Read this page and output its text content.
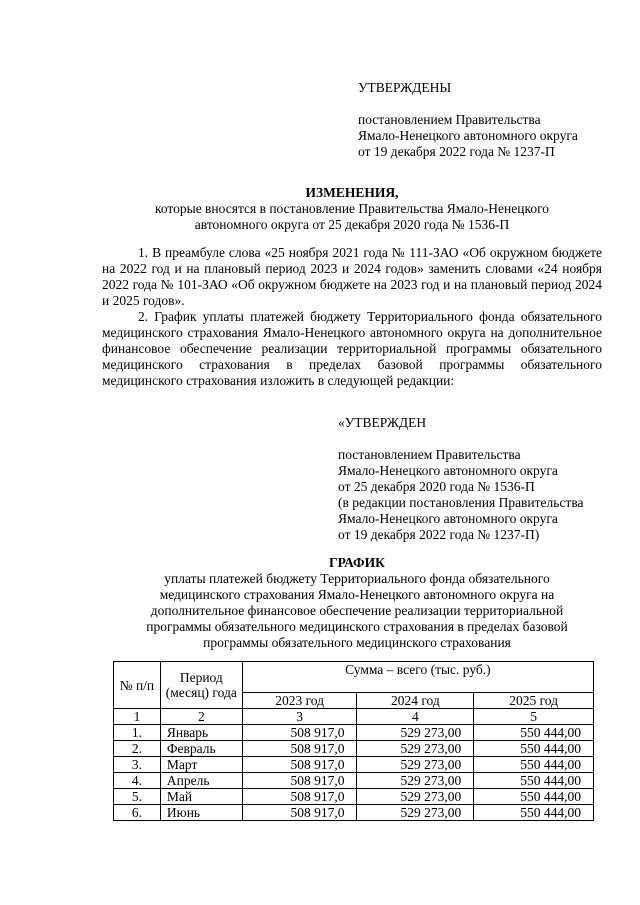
УТВЕРЖДЕНЫ
постановлением Правительства
Ямало-Ненецкого автономного округа
от 19 декабря 2022 года № 1237-П
ИЗМЕНЕНИЯ,
которые вносятся в постановление Правительства Ямало-Ненецкого
автономного округа от 25 декабря 2020 года № 1536-П

1. В преамбуле слова «25 ноября 2021 года № 111-ЗАО «Об окружном бюджете на 2022 год и на плановый период 2023 и 2024 годов» заменить словами «24 ноября 2022 года № 101-ЗАО «Об окружном бюджете на 2023 год и на плановый период 2024 и 2025 годов».

2. График уплаты платежей бюджету Территориального фонда обязательного медицинского страхования Ямало-Ненецкого автономного округа на дополнительное финансовое обеспечение реализации территориальной программы обязательного медицинского страхования в пределах базовой программы обязательного медицинского страхования изложить в следующей редакции:

«УТВЕРЖДЕН
постановлением Правительства
Ямало-Ненецкого автономного округа
от 25 декабря 2020 года № 1536-П
(в редакции постановления Правительства
Ямало-Ненецкого автономного округа
от 19 декабря 2022 года № 1237-П)
ГРАФИК
уплаты платежей бюджету Территориального фонда обязательного
медицинского страхования Ямало-Ненецкого автономного округа на
дополнительное финансовое обеспечение реализации территориальной
программы обязательного медицинского страхования в пределах базовой
программы обязательного медицинского страхования
№ п/п	Период (месяц) года	Сумма – всего (тыс. руб.)		
		2023 год	2024 год	2025 год
1	2	3	4	5
1.	Январь	508 917,0	529 273,00	550 444,00
2.	Февраль	508 917,0	529 273,00	550 444,00
3.	Март	508 917,0	529 273,00	550 444,00
4.	Апрель	508 917,0	529 273,00	550 444,00
5.	Май	508 917,0	529 273,00	550 444,00
6.	Июнь	508 917,0	529 273,00	550 444,00
